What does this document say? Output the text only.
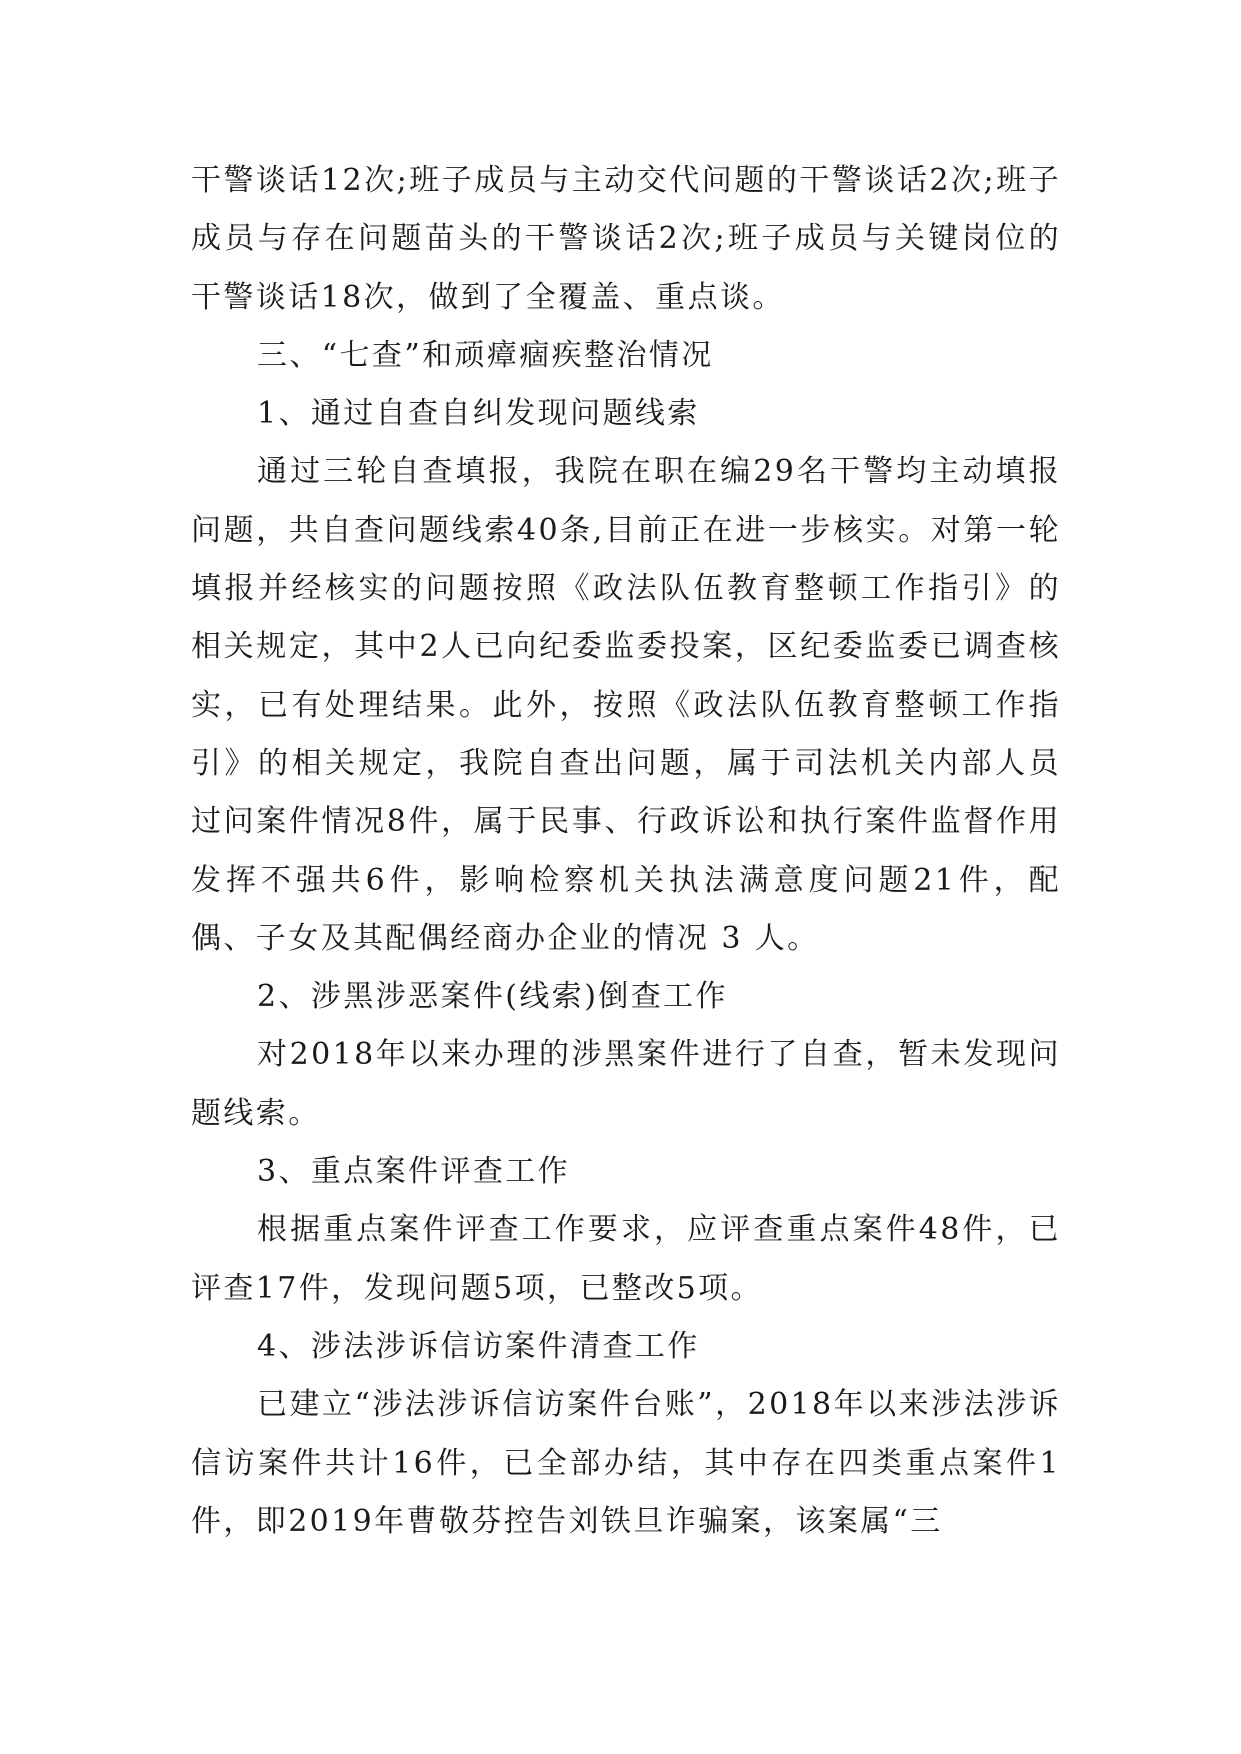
干警谈话12次;班子成员与主动交代问题的干警谈话2次;班子成员与存在问题苗头的干警谈话2次;班子成员与关键岗位的干警谈话18次，做到了全覆盖、重点谈。

三、“七查”和顽瘴痼疾整治情况

1、通过自查自纠发现问题线索

通过三轮自查填报，我院在职在编29名干警均主动填报问题，共自查问题线索40条,目前正在进一步核实。对第一轮填报并经核实的问题按照《政法队伍教育整顿工作指引》的相关规定，其中2人已向纪委监委投案，区纪委监委已调查核实，已有处理结果。此外，按照《政法队伍教育整顿工作指引》的相关规定，我院自查出问题，属于司法机关内部人员过问案件情况8件，属于民事、行政诉讼和执行案件监督作用发挥不强共6件，影响检察机关执法满意度问题21件，配偶、子女及其配偶经商办企业的情况 3 人。

2、涉黑涉恶案件(线索)倒查工作

对2018年以来办理的涉黑案件进行了自查，暂未发现问题线索。

3、重点案件评查工作

根据重点案件评查工作要求，应评查重点案件48件，已评查17件，发现问题5项，已整改5项。

4、涉法涉诉信访案件清查工作

已建立“涉法涉诉信访案件台账”，2018年以来涉法涉诉信访案件共计16件，已全部办结，其中存在四类重点案件1件，即2019年曹敬芬控告刘铁旦诈骗案，该案属“三
